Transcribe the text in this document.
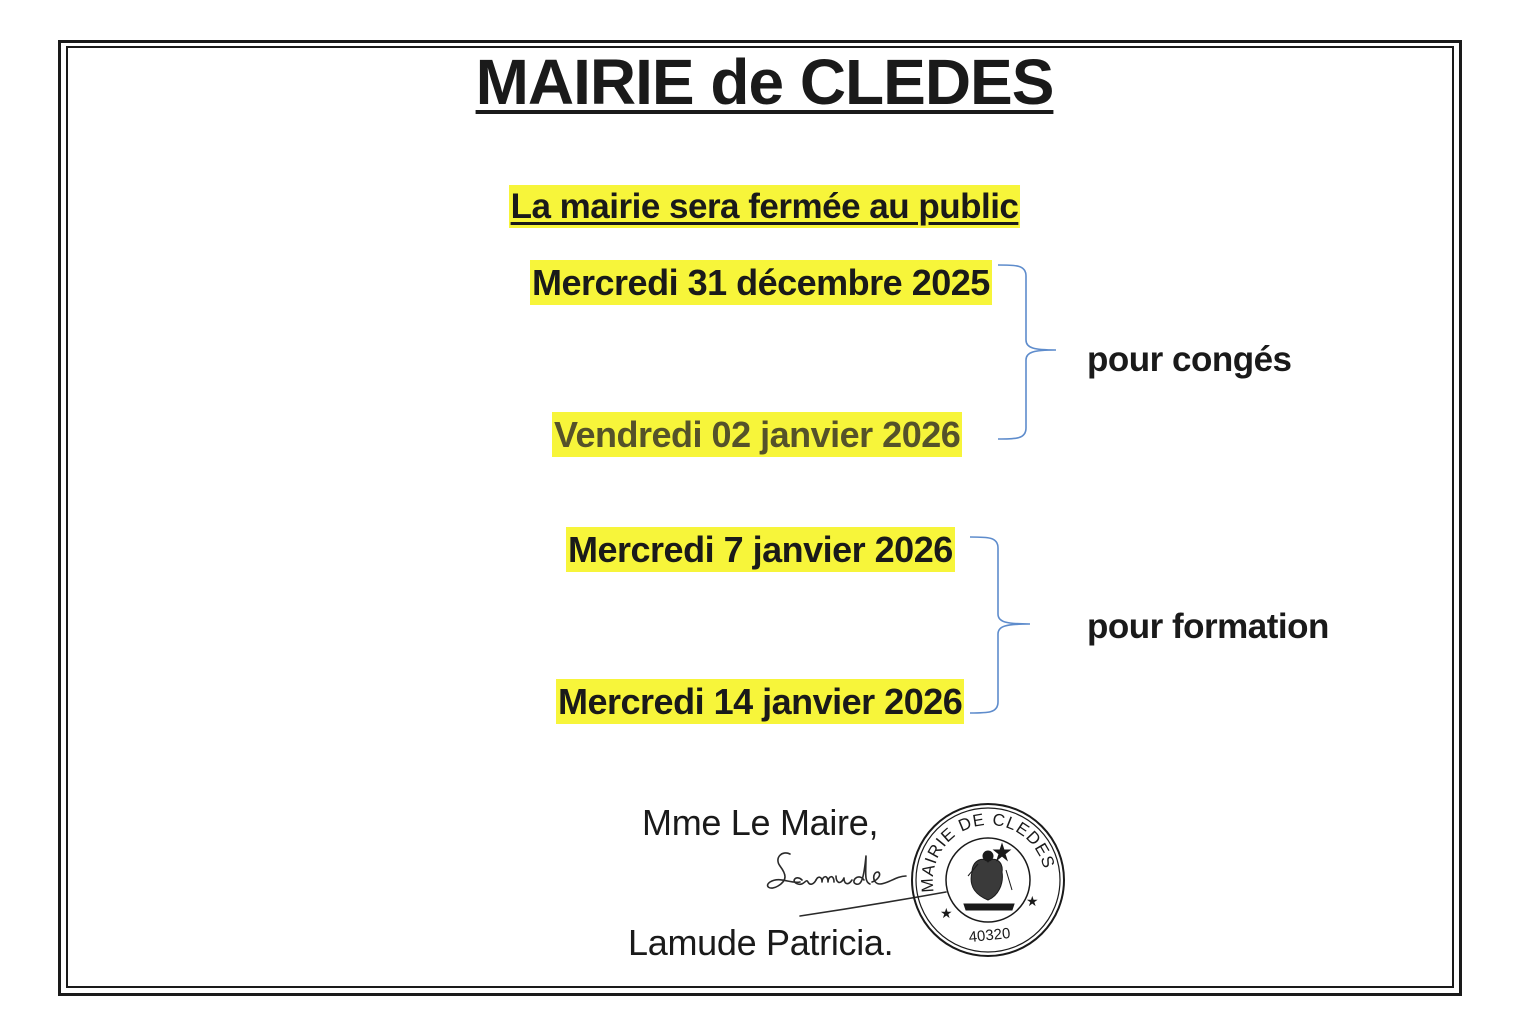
MAIRIE de CLEDES
La mairie sera fermée au public
Mercredi 31 décembre 2025
Vendredi 02 janvier 2026
pour congés
Mercredi 7 janvier 2026
Mercredi 14 janvier 2026
pour formation
Mme Le Maire,
Lamude Patricia.
MAIRIE DE CLEDES
★
★
40320
